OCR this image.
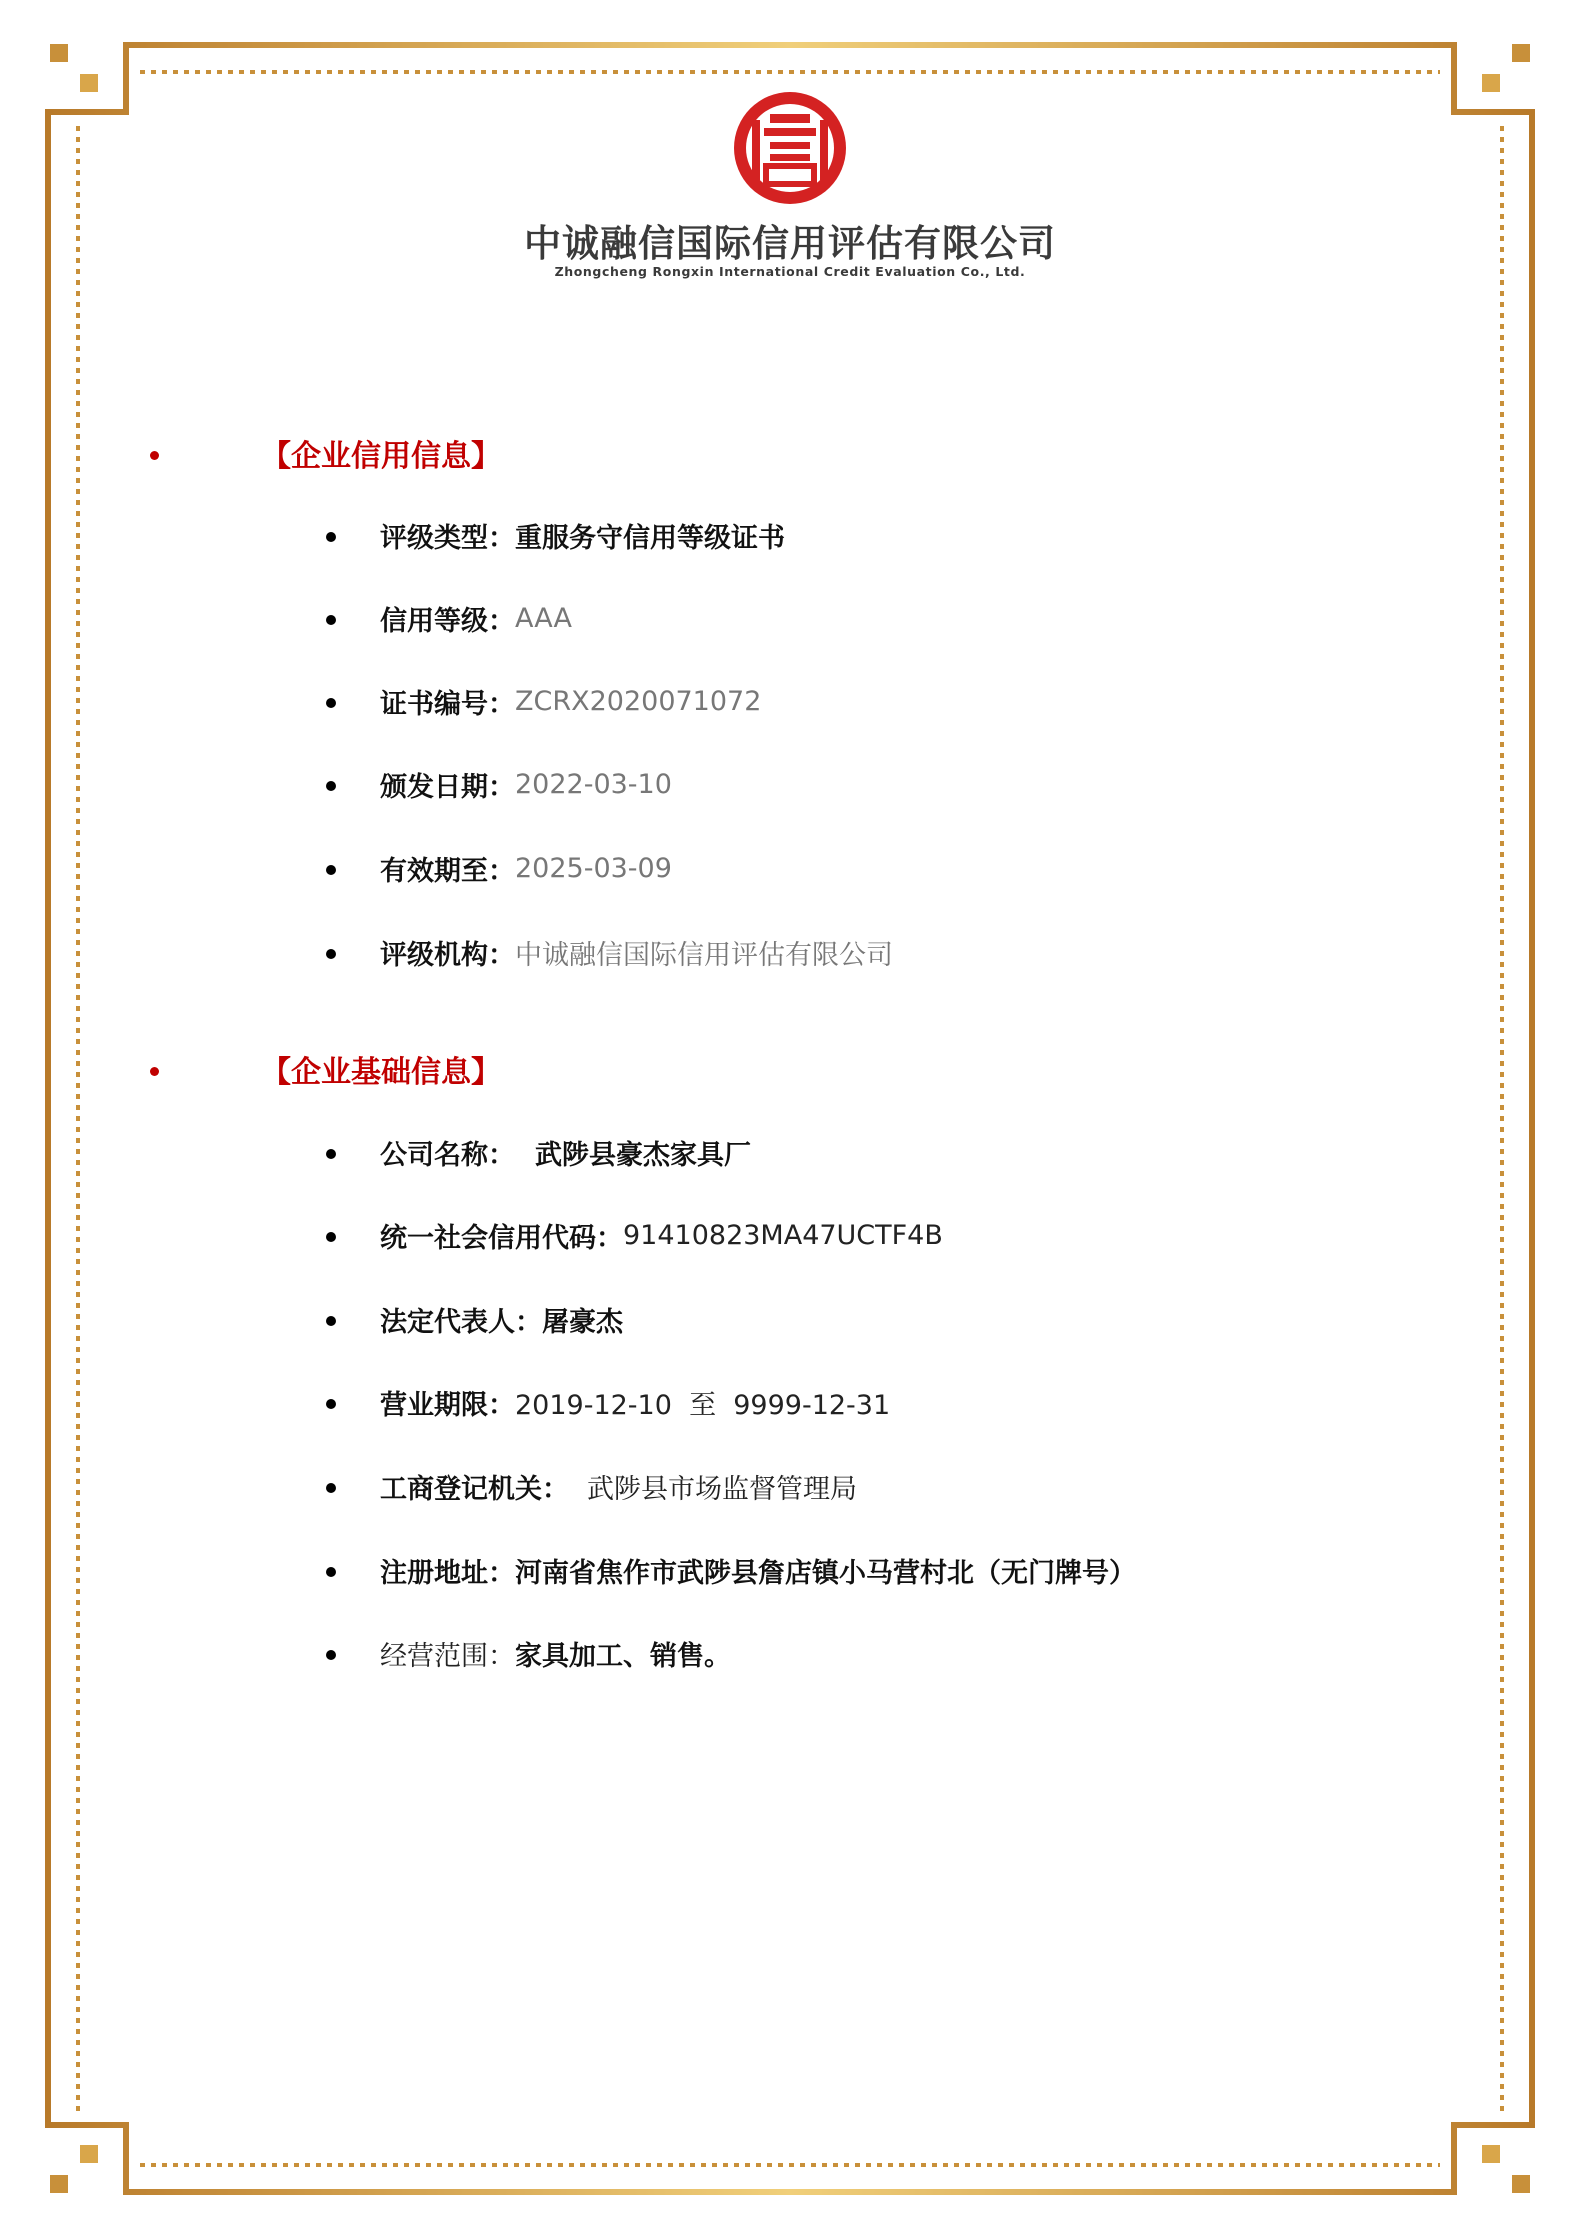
中诚融信国际信用评估有限公司
Zhongcheng Rongxin International Credit Evaluation Co., Ltd.
【企业信用信息】
评级类型： 重服务守信用等级证书
信用等级： AAA
证书编号： ZCRX2020071072
颁发日期： 2022-03-10
有效期至： 2025-03-09
评级机构： 中诚融信国际信用评估有限公司
【企业基础信息】
公司名称： 武陟县豪杰家具厂
统一社会信用代码： 91410823MA47UCTF4B
法定代表人： 屠豪杰
营业期限： 2019-12-10  至  9999-12-31
工商登记机关： 武陟县市场监督管理局
注册地址： 河南省焦作市武陟县詹店镇小马营村北（无门牌号）
经营范围： 家具加工、销售。
